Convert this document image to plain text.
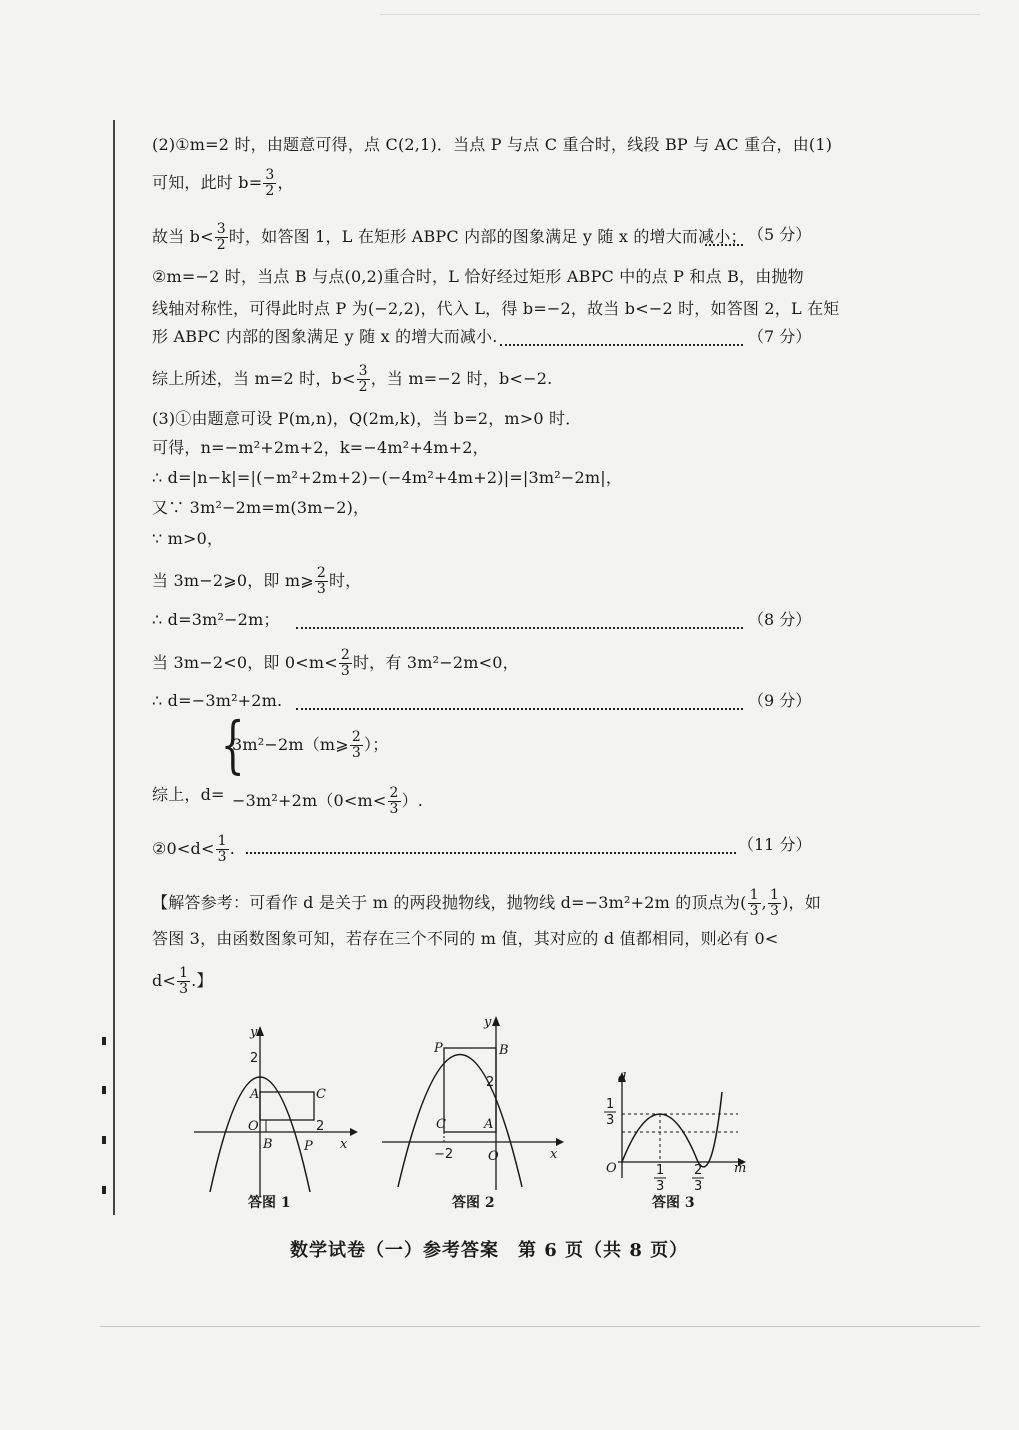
(2)①m=2 时，由题意可得，点 C(2,1)．当点 P 与点 C 重合时，线段 BP 与 AC 重合，由(1)
可知，此时 $b= \frac{3}{2}$ ，
故当 $b< \frac{3}{2}$ 时，如答图 1，L 在矩形 ABPC 内部的图象满足 y 随 x 的增大而减小； （5 分）
②m=−2 时，当点 B 与点(0,2)重合时，L 恰好经过矩形 ABPC 中的点 P 和点 B，由抛物
线轴对称性，可得此时点 P 为(−2,2)，代入 L，得 b=−2，故当 b<−2 时，如答图 2，L 在矩
形 ABPC 内部的图象满足 y 随 x 的增大而减小.	（7 分）
综上所述，当 m=2 时，$b< \frac{3}{2}$ ，当 m=−2 时，b<−2.
(3)①由题意可设 P(m,n)，Q(2m,k)，当 b=2，m>0 时．
可得，n=−m²+2m+2，k=−4m²+4m+2，
∴ d=|n−k|=|(−m²+2m+2)−(−4m²+4m+2)|=|3m²−2m|，
又∵ 3m²−2m=m(3m−2)，
∵ m>0，
当 3m−2⩾0，即 m⩾ $\frac{2}{3}$ 时，
∴ d=3m²−2m；	（8 分）
当 3m−2<0，即 $0<m< \frac{2}{3}$ 时，有 3m²−2m<0，
∴ d=−3m²+2m.	（9 分）
综上，d=
{
3m²−2m（m⩾ $\frac{2}{3}$ ）；
$-3m^2+2m(0<m< \frac{2}{3}$ ）.
②0<d< $\frac{1}{3}$ .	（11 分）
【解答参考：可看作 d 是关于 m 的两段抛物线，抛物线 d=−3m²+2m 的顶点为( $\frac{1}{3}$ , $\frac{1}{3}$ )，如
答图 3，由函数图象可知，若存在三个不同的 m 值，其对应的 d 值都相同，则必有 0<
$d< \frac{1}{3}$ .】
y
2
A	C
O
B P
2
x
答图 1
y
P	B
2
C	A
−2	O	x
答图 2
d
1
3
O	1
3
2
3
m
答图 3
数学试卷（一）参考答案　第 6 页（共 8 页）
